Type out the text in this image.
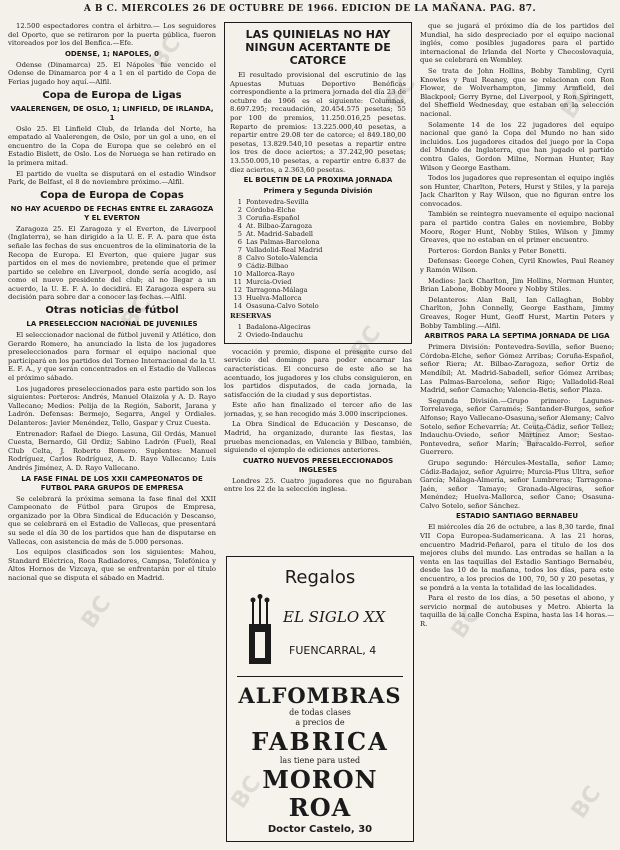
A B C. MIERCOLES 26 DE OCTUBRE DE 1966. EDICION DE LA MAÑANA. PAG. 87.

12.500 espectadores contra el árbitro.— Los seguidores del Oporto, que se retiraron por la puerta pública, fueron vitoreados por los del Benfica.—Efe.

ODENSE, 1; NAPOLES, 0

Odense (Dinamarca) 25. El Nápoles fue vencido el Odense de Dinamarca por 4 a 1 en el partido de Copa de Ferias jugado hoy aquí.—Alfil.

Copa de Europa de Ligas
VAALERENGEN, DE OSLO, 1; LINFIELD, DE IRLANDA, 1

Oslo 25. El Linfield Club, de Irlanda del Norte, ha empatado al Vaalerengen, de Oslo, por un gol a uno, en el encuentro de la Copa de Europa que se celebró en el Estadio Bislett, de Oslo. Los de Noruega se han retirado en la primera mitad.

El partido de vuelta se disputará en el estadio Windsor Park, de Belfast, el 8 de noviembre próximo.—Alfil.

Copa de Europa de Copas
NO HAY ACUERDO DE FECHAS ENTRE EL ZARAGOZA Y EL EVERTON

Zaragoza 25. El Zaragoza y el Everton, de Liverpool (Inglaterra), se han dirigido a la U. E. F. A. para que ésta señale las fechas de sus encuentros de la eliminatoria de la Recopa de Europa. El Everton, que quiere jugar sus partidos en el mes de noviembre, pretende que el primer partido se celebre en Liverpool, donde sería acogido, así como el nuevo presidente del club; al no llegar a un acuerdo, la U. E. F. A. lo decidirá. El Zaragoza espera su decisión para sobre dar a conocer las fechas.—Alfil.

Otras noticias de fútbol
LA PRESELECCION NACIONAL DE JUVENILES

El seleccionador nacional de fútbol juvenil y Atlético, don Gerardo Romero, ha anunciado la lista de los jugadores preseleccionados para formar el equipo nacional que participará en los partidos del Torneo Internacional de la U. E. F. A., y que serán concentrados en el Estadio de Vallecas el próximo sábado.

Los jugadores preseleccionados para este partido son los siguientes: Porteros: Andrés, Manuel Olaizola y A. D. Rayo Vallecano; Medios: Pelija de la Región, Saborit, Jarana y Ladrón. Defensas: Bermejo, Segarra, Angel y Ordiales. Delanteros: Javier Menéndez, Tello, Gaspar y Cruz Cuesta.

Entrenador: Rafael de Diego. Lasuna, Gil Ordás, Manuel Cuesta, Bernardo, Gil Ordiz; Sabino Ladrón (Fuel), Real Club Celta, J. Roberto Romero. Suplentes: Manuel Rodríguez, Carlos Rodríguez, A. D. Rayo Vallecano; Luis Andrés Jiménez, A. D. Rayo Vallecano.

LA FASE FINAL DE LOS XXII CAMPEONATOS DE FUTBOL PARA GRUPOS DE EMPRESA

Se celebrará la próxima semana la fase final del XXII Campeonato de Fútbol para Grupos de Empresa, organizado por la Obra Sindical de Educación y Descanso, que se celebrará en el Estadio de Vallecas, que presentará su sede el día 30 de los partidos que han de disputarse en Vallecas, con asistencia de más de 5.000 personas.

Los equipos clasificados son los siguientes: Mahou, Standard Eléctrica, Roca Radiadores, Campsa, Telefónica y Altos Hornos de Vizcaya, que se enfrentarán por el título nacional que se disputa el sábado en Madrid.

LAS QUINIELAS NO HAY NINGUN ACERTANTE DE CATORCE

El resultado provisional del escrutinio de las Apuestas Mutuas Deportivo Benéficas correspondiente a la primera jornada del día 23 de octubre de 1966 es el siguiente: Columnas, 8.697.295; recaudación, 20.454.575 pesetas; 55 por 100 de premios, 11.250.016,25 pesetas. Reparto de premios: 13.225.000,40 pesetas, a repartir entre 29.08 ter de catorce; el 849.180,00 pesetas, 13.829.540,10 pesetas a repartir entre los tres de doce aciertos; a 37.242,90 pesetas; 13.550.005,10 pesetas, a repartir entre 6.837 de diez aciertos, a 2.363,60 pesetas.

EL BOLETIN DE LA PROXIMA JORNADA
Primera y Segunda División
1 Pontevedra-Sevilla
2 Córdoba-Elche
3 Coruña-Español
4 At. Bilbao-Zaragoza
5 At. Madrid-Sabadell
6 Las Palmas-Barcelona
7 Valladolid-Real Madrid
8 Calvo Sotelo-Valencia
9 Cádiz-Bilbao
10 Mallorca-Rayo
11 Murcia-Ovied
12 Tarragona-Málaga
13 Huelva-Mallorca
14 Osasuna-Calvo Sotelo
RESERVAS
1 Badalona-Algeciras
2 Oviedo-Indauchu

vocación y premio, dispone el presente curso del servicio del domingo para poder encarnar las características. El concurso de este año se ha acentuado, los jugadores y los clubs consiguieron, en los partidos disputados, de cada jornada, la satisfacción de la ciudad y sus deportistas.

Este año han finalizado el tercer año de las jornadas, y, se han recogido más 3.000 inscripciones.

La Obra Sindical de Educación y Descanso, de Madrid, ha organizado, durante las fiestas, las pruebas mencionadas, en Valencia y Bilbao, también, siguiendo el ejemplo de ediciones anteriores.

CUATRO NUEVOS PRESELECCIONADOS INGLESES

Londres 25. Cuatro jugadores que no figuraban entre los 22 de la selección inglesa.

Regalos
EL SIGLO XX
FUENCARRAL, 4
ALFOMBRAS
de todas clases
a precios de
FABRICA
las tiene para usted
MORON ROA
Doctor Castelo, 30

que se jugará el próximo día de los partidos del Mundial, ha sido despreciado por el equipo nacional inglés, como posibles jugadores para el partido internacional de Irlanda del Norte y Checoslovaquia, que se celebrará en Wembley.

Se trata de John Hollins, Bobby Tambling, Cyril Knowles y Paul Reaney, que se relacionan con Ron Flower, de Wolverhampton, Jimmy Armfield, del Blackpool; Gerry Byrne, del Liverpool, y Ron Springett, del Sheffield Wednesday, que estaban en la selección nacional.

Solamente 14 de los 22 jugadores del equipo nacional que ganó la Copa del Mundo no han sido incluidos. Los jugadores citados del juego por la Copa del Mundo de Inglaterra, que han jugado el partido contra Gales, Gordon Milne, Norman Hunter, Ray Wilson y George Eastham.

Todos los jugadores que representan el equipo inglés son Hunter, Charlton, Peters, Hurst y Stiles, y la pareja Jack Charlton y Ray Wilson, que no figuran entre los convocados.

También se reintegra nuevamente el equipo nacional para el partido contra Gales en noviembre, Bobby Moore, Roger Hunt, Nobby Stiles, Wilson y Jimmy Greaves, que no estaban en el primer encuentro.

Porteros: Gordon Banks y Peter Bonetti.

Defensas: George Cohen, Cyril Knowles, Paul Reaney y Ramón Wilson.

Medios: Jack Charlton, Jim Hollins, Norman Hunter, Brian Labone, Bobby Moore y Nobby Stiles.

Delanteros: Alan Ball, Ian Callaghan, Bobby Charlton, John Connelly, George Eastham, Jimmy Greaves, Roger Hunt, Geoff Hurst, Martin Peters y Bobby Tambling.—Alfil.

ARBITROS PARA LA SEPTIMA JORNADA DE LIGA

Primera División: Pontevedra-Sevilla, señor Bueno; Córdoba-Elche, señor Gómez Arribas; Coruña-Español, señor Riera; At. Bilbao-Zaragoza, señor Ortiz de Mendíbil; At. Madrid-Sabadell, señor Gómez Arribas; Las Palmas-Barcelona, señor Rigo; Valladolid-Real Madrid, señor Camacho; Valencia-Betis, señor Plaza.

Segunda División.—Grupo primero: Lagunes-Torrelavega, señor Caramés; Santander-Burgos, señor Alfonso; Rayo Vallecano-Osasuna, señor Alemany; Calvo Sotelo, señor Echevarría; At. Ceuta-Cádiz, señor Tellez; Indauchu-Oviedo, señor Martínez Amor; Sestao-Pontevedra, señor Marín; Baracaldo-Ferrol, señor Guerrero.

Grupo segundo: Hércules-Mestalla, señor Lamo; Cádiz-Badajoz, señor Aguirre; Murcia-Plus Ultra, señor García; Málaga-Almería, señor Lumbreras; Tarragona-Jaén, señor Tamayo; Granada-Algeciras, señor Menéndez; Huelva-Mallorca, señor Cano; Osasuna-Calvo Sotelo, señor Sánchez.

ESTADIO SANTIAGO BERNABEU

El miércoles día 26 de octubre, a las 8,30 tarde, final VII Copa Europea-Sudamericana. A las 21 horas, encuentro Madrid-Peñarol, para el título de los dos mejores clubs del mundo. Las entradas se hallan a la venta en las taquillas del Estadio Santiago Bernabéu, desde las 10 de la mañana, todos los días, para este encuentro, a los precios de 100, 70, 50 y 20 pesetas, y se pondrá a la venta la totalidad de las localidades.

Para el resto de los días, a 50 pesetas el abono, y servicio normal de autobuses y Metro. Abierta la taquilla de la calle Concha Espina, hasta las 14 horas.—R.

BC
BC	BC
BC
BC
BC
BC	BC
BC
